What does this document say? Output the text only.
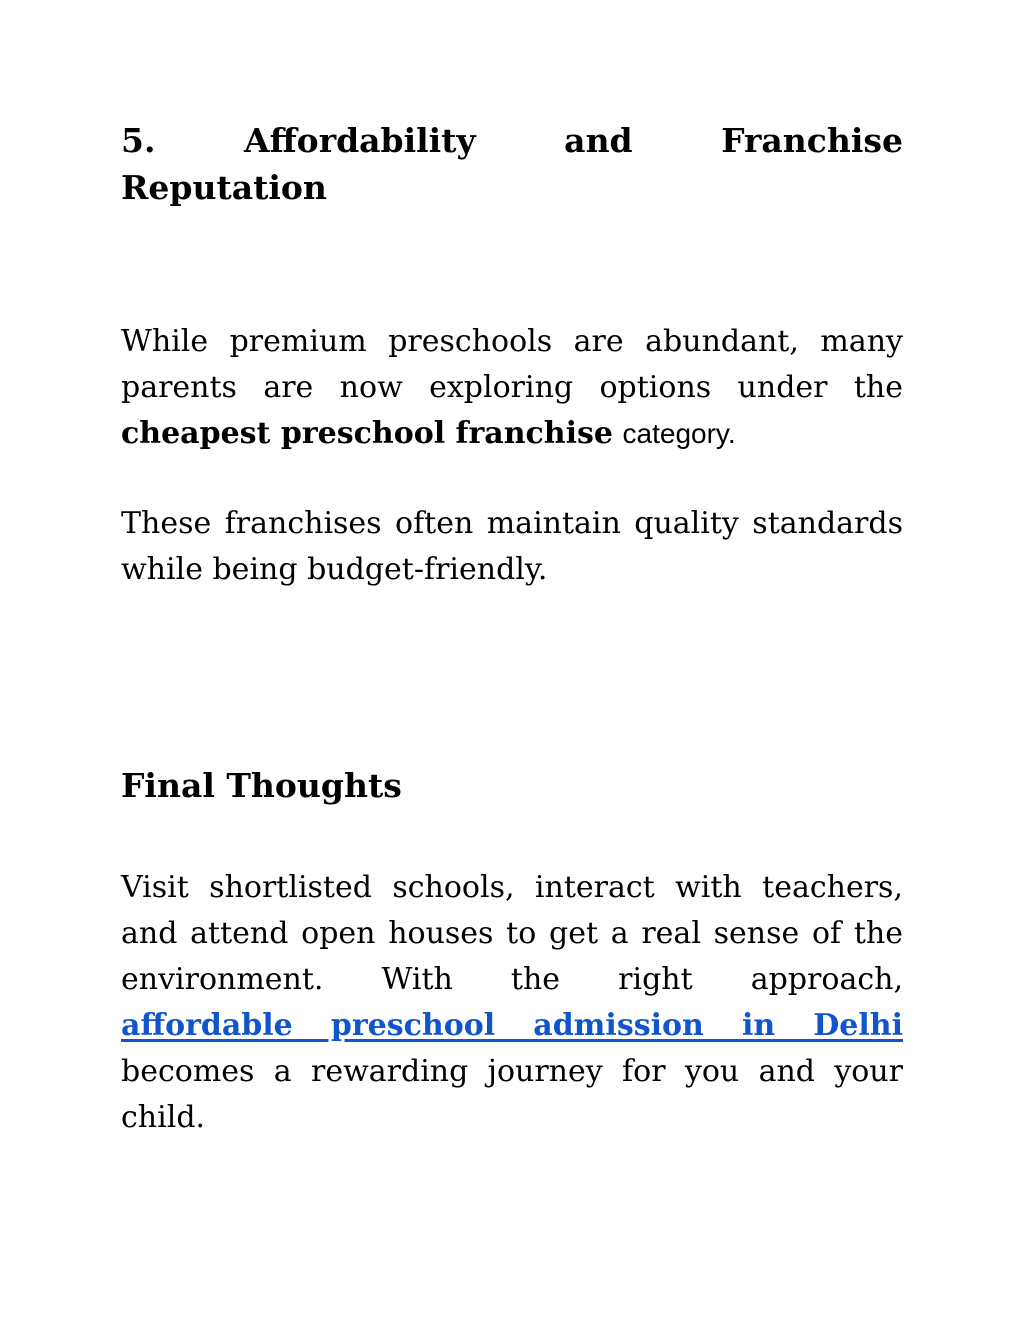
5. Affordability and Franchise
Reputation
While premium preschools are abundant, many
parents are now exploring options under the
cheapest preschool franchise category.
These franchises often maintain quality standards
while being budget-friendly.
Final Thoughts
Visit shortlisted schools, interact with teachers,
and attend open houses to get a real sense of the
environment. With the right approach,
affordable preschool admission in Delhi
becomes a rewarding journey for you and your
child.
